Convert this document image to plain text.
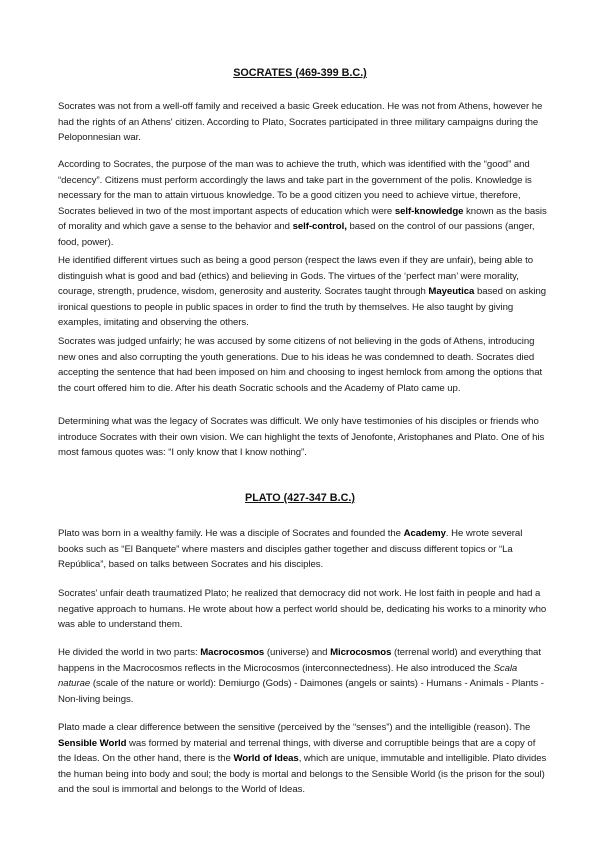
SOCRATES (469-399 B.C.)

Socrates was not from a well-off family and received a basic Greek education. He was not from Athens, however he had the rights of an Athens' citizen. According to Plato, Socrates participated in three military campaigns during the Peloponnesian war.

According to Socrates, the purpose of the man was to achieve the truth, which was identified with the “good” and “decency”. Citizens must perform accordingly the laws and take part in the government of the polis. Knowledge is necessary for the man to attain virtuous knowledge. To be a good citizen you need to achieve virtue, therefore, Socrates believed in two of the most important aspects of education which were self-knowledge known as the basis of morality and which gave a sense to the behavior and self-control, based on the control of our passions (anger, food, power).

He identified different virtues such as being a good person (respect the laws even if they are unfair), being able to distinguish what is good and bad (ethics) and believing in Gods. The virtues of the ‘perfect man’ were morality, courage, strength, prudence, wisdom, generosity and austerity. Socrates taught through Mayeutica based on asking ironical questions to people in public spaces in order to find the truth by themselves. He also taught by giving examples, imitating and observing the others.

Socrates was judged unfairly; he was accused by some citizens of not believing in the gods of Athens, introducing new ones and also corrupting the youth generations. Due to his ideas he was condemned to death. Socrates died accepting the sentence that had been imposed on him and choosing to ingest hemlock from among the options that the court offered him to die. After his death Socratic schools and the Academy of Plato came up.

Determining what was the legacy of Socrates was difficult. We only have testimonies of his disciples or friends who introduce Socrates with their own vision. We can highlight the texts of Jenofonte, Aristophanes and Plato. One of his most famous quotes was: “I only know that I know nothing”.

PLATO (427-347 B.C.)

Plato was born in a wealthy family. He was a disciple of Socrates and founded the Academy. He wrote several books such as “El Banquete” where masters and disciples gather together and discuss different topics or “La República”, based on talks between Socrates and his disciples.

Socrates’ unfair death traumatized Plato; he realized that democracy did not work. He lost faith in people and had a negative approach to humans. He wrote about how a perfect world should be, dedicating his works to a minority who was able to understand them.

He divided the world in two parts: Macrocosmos (universe) and Microcosmos (terrenal world) and everything that happens in the Macrocosmos reflects in the Microcosmos (interconnectedness). He also introduced the Scala naturae (scale of the nature or world): Demiurgo (Gods) - Daimones (angels or saints) - Humans - Animals - Plants - Non-living beings.

Plato made a clear difference between the sensitive (perceived by the “senses”) and the intelligible (reason). The Sensible World was formed by material and terrenal things, with diverse and corruptible beings that are a copy of the Ideas. On the other hand, there is the World of Ideas, which are unique, immutable and intelligible. Plato divides the human being into body and soul; the body is mortal and belongs to the Sensible World (is the prison for the soul) and the soul is immortal and belongs to the World of Ideas.
